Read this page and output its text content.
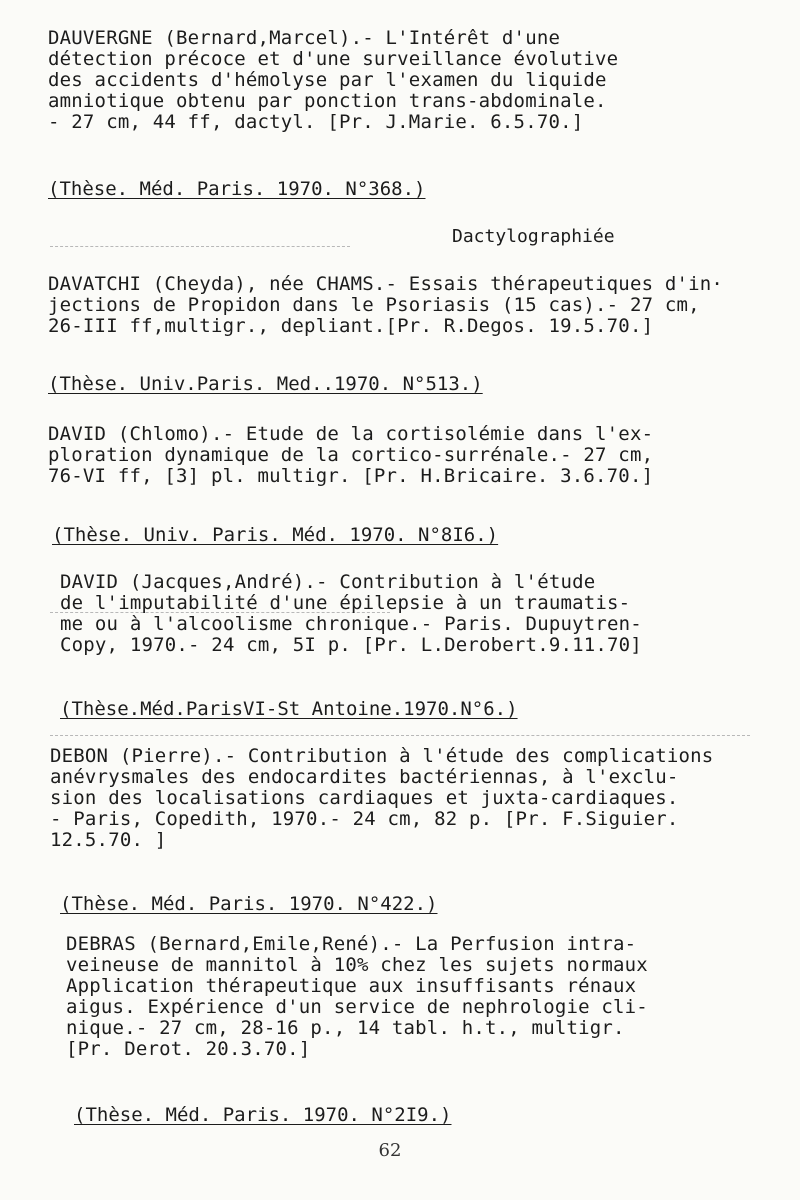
DAUVERGNE (Bernard,Marcel).- L'Intérêt d'une
détection précoce et d'une surveillance évolutive
des accidents d'hémolyse par l'examen du liquide
amniotique obtenu par ponction trans-abdominale.
- 27 cm, 44 ff, dactyl. [Pr. J.Marie. 6.5.70.]
(Thèse. Méd. Paris. 1970. N°368.)
Dactylographiée
DAVATCHI (Cheyda), née CHAMS.- Essais thérapeutiques d'in·
jections de Propidon dans le Psoriasis (15 cas).- 27 cm,
26-III ff,multigr., depliant.[Pr. R.Degos. 19.5.70.]
(Thèse. Univ.Paris. Med..1970. N°513.)
DAVID (Chlomo).- Etude de la cortisolémie dans l'ex-
ploration dynamique de la cortico-surrénale.- 27 cm,
76-VI ff, [3] pl. multigr. [Pr. H.Bricaire. 3.6.70.]
(Thèse. Univ. Paris. Méd. 1970. N°8I6.)
DAVID (Jacques,André).- Contribution à l'étude
de l'imputabilité d'une épilepsie à un traumatis-
me ou à l'alcoolisme chronique.- Paris. Dupuytren-
Copy, 1970.- 24 cm, 5I p. [Pr. L.Derobert.9.11.70]
(Thèse.Méd.ParisVI-St Antoine.1970.N°6.)
DEBON (Pierre).- Contribution à l'étude des complications
anévrysmales des endocardites bactériennas, à l'exclu-
sion des localisations cardiaques et juxta-cardiaques.
- Paris, Copedith, 1970.- 24 cm, 82 p. [Pr. F.Siguier.
12.5.70. ]
(Thèse. Méd. Paris. 1970. N°422.)
DEBRAS (Bernard,Emile,René).- La Perfusion intra-
veineuse de mannitol à 10% chez les sujets normaux
Application thérapeutique aux insuffisants rénaux
aigus. Expérience d'un service de nephrologie cli-
nique.- 27 cm, 28-16 p., 14 tabl. h.t., multigr.
[Pr. Derot. 20.3.70.]
(Thèse. Méd. Paris. 1970. N°2I9.)
62
